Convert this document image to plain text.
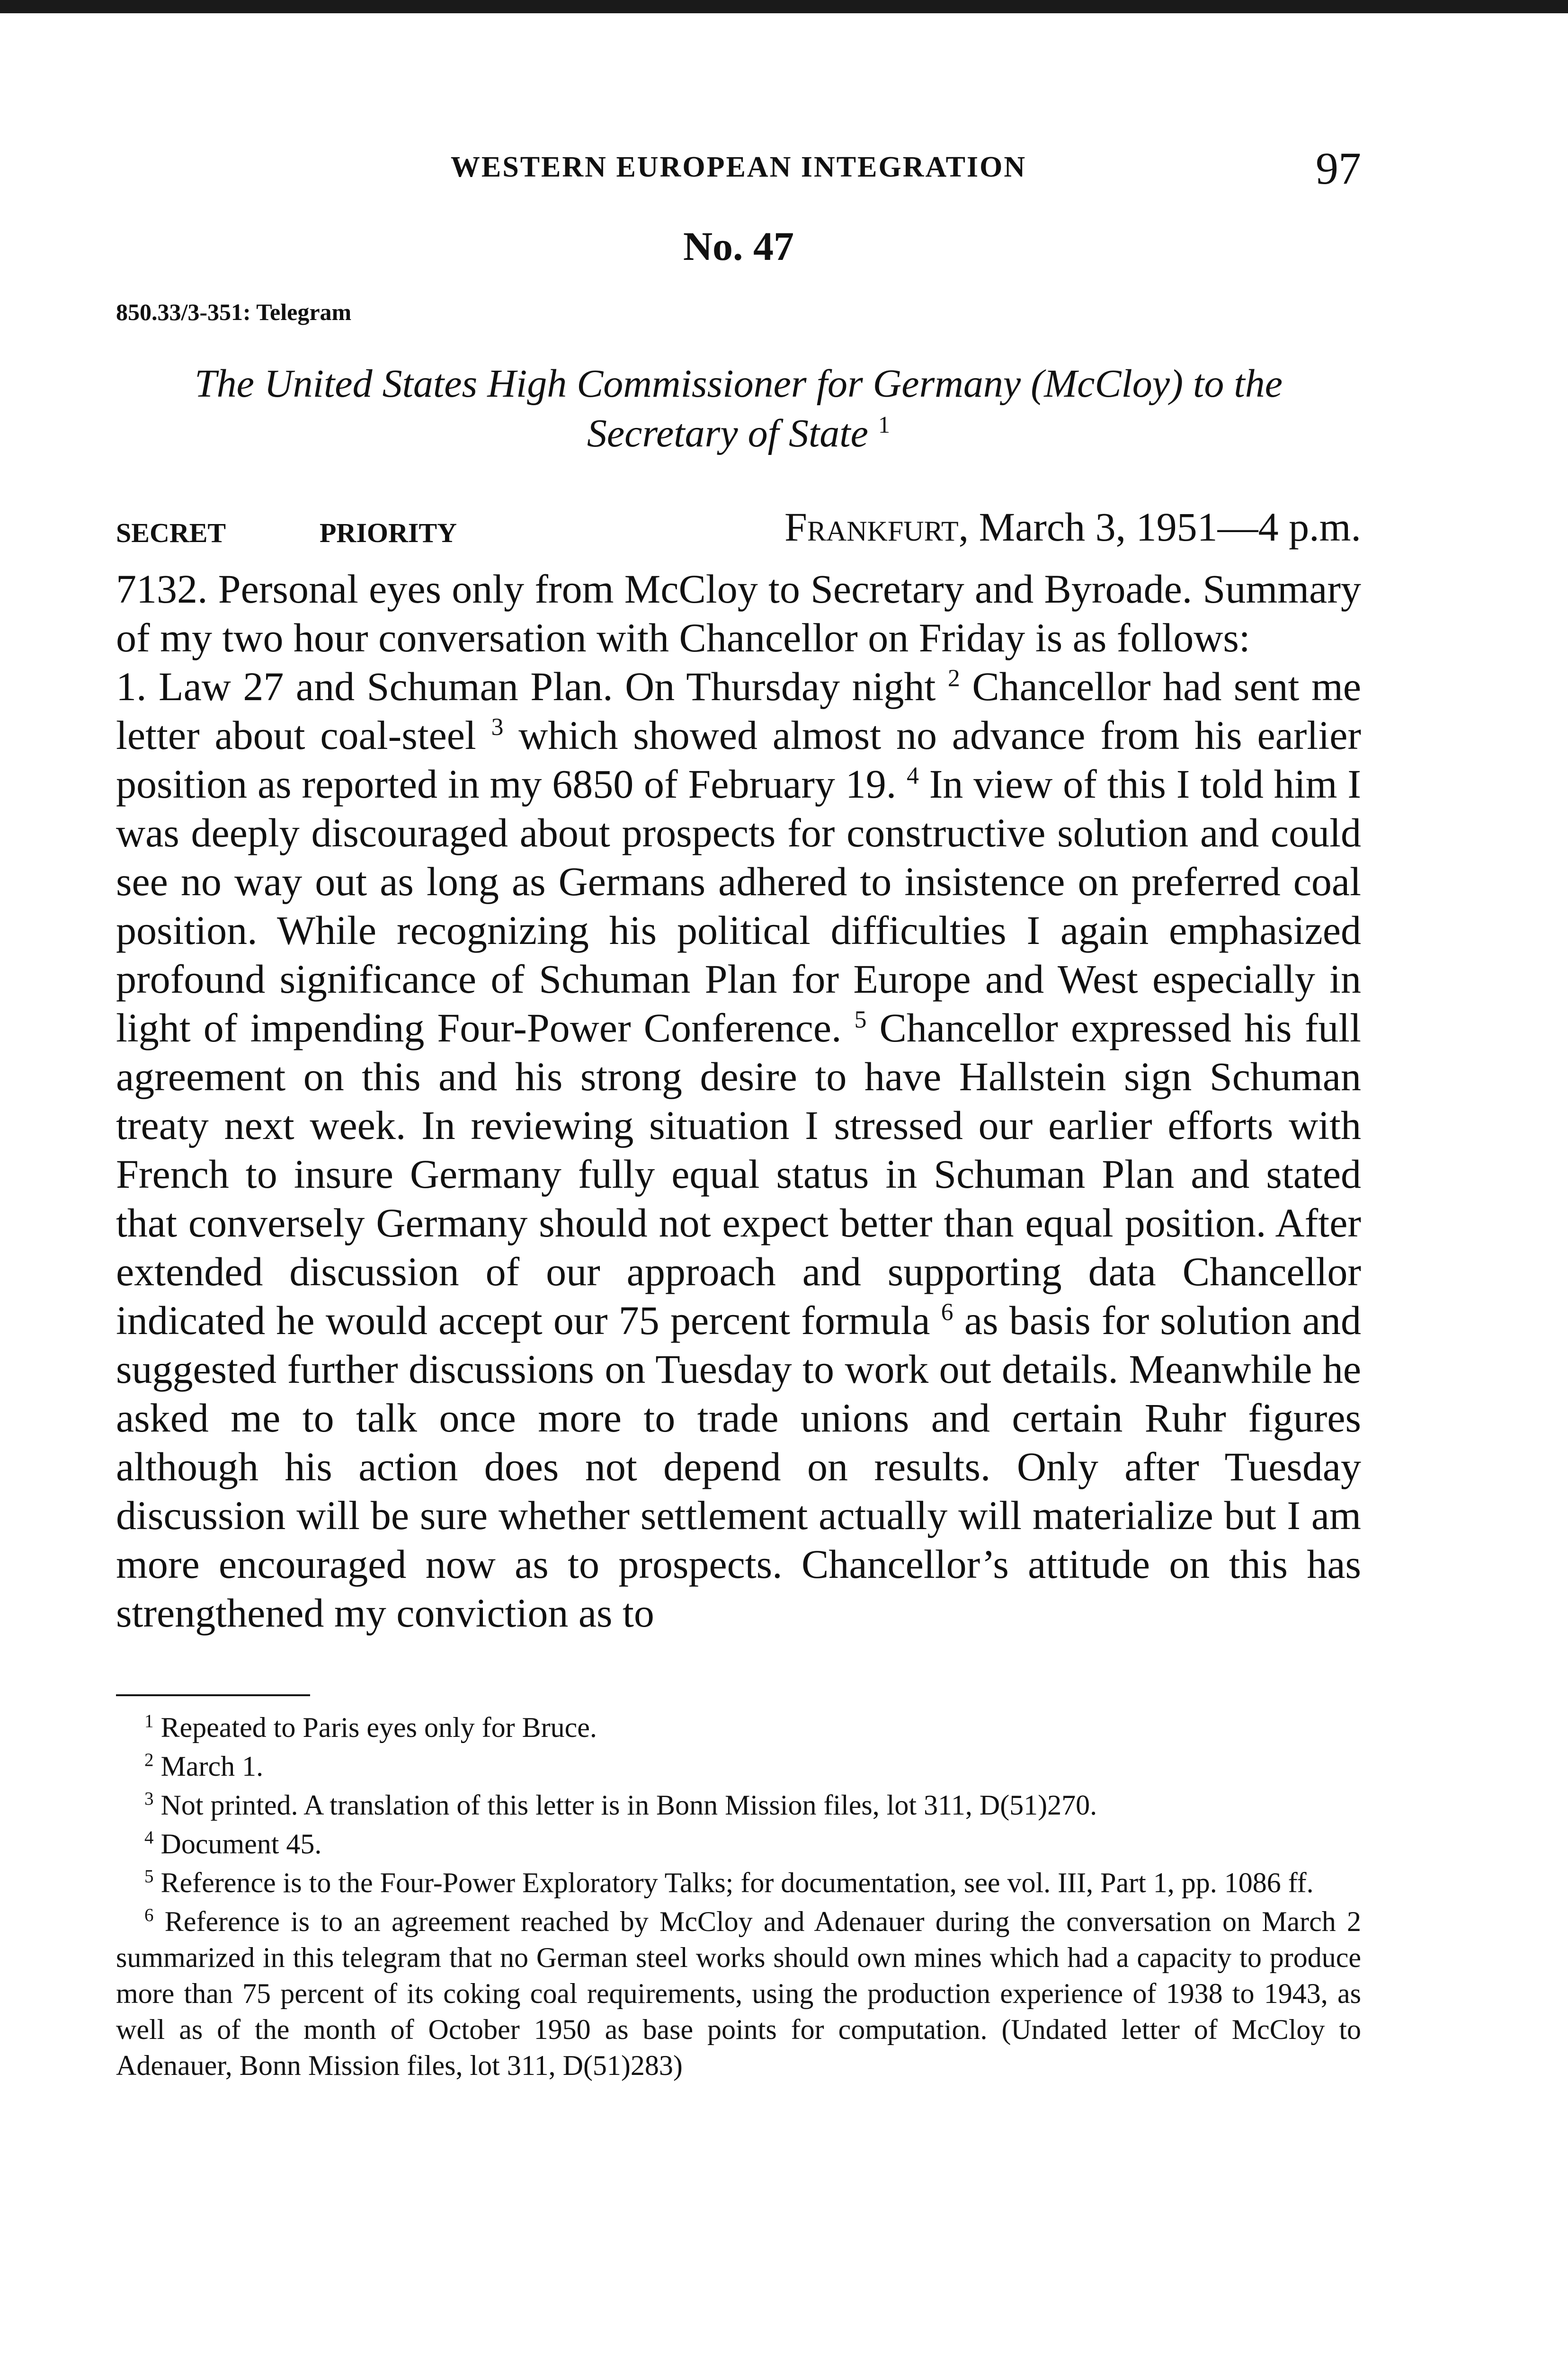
WESTERN EUROPEAN INTEGRATION	97
No. 47
850.33/3-351: Telegram
The United States High Commissioner for Germany (McCloy) to the Secretary of State $^1$
SECRET	PRIORITY	Frankfurt, March 3, 1951—4 p.m.

7132. Personal eyes only from McCloy to Secretary and Byroade. Summary of my two hour conversation with Chancellor on Friday is as follows:

1. Law 27 and Schuman Plan. On Thursday night $^2$ Chancellor had sent me letter about coal-steel $^3$ which showed almost no advance from his earlier position as reported in my 6850 of February 19. $^4$ In view of this I told him I was deeply discouraged about prospects for constructive solution and could see no way out as long as Germans adhered to insistence on preferred coal position. While recognizing his political difficulties I again emphasized profound significance of Schuman Plan for Europe and West especially in light of impending Four-Power Conference. $^5$ Chancellor expressed his full agreement on this and his strong desire to have Hallstein sign Schuman treaty next week. In reviewing situation I stressed our earlier efforts with French to insure Germany fully equal status in Schuman Plan and stated that conversely Germany should not expect better than equal position. After extended discussion of our approach and supporting data Chancellor indicated he would accept our 75 percent formula $^6$ as basis for solution and suggested further discussions on Tuesday to work out details. Meanwhile he asked me to talk once more to trade unions and certain Ruhr figures although his action does not depend on results. Only after Tuesday discussion will be sure whether settlement actually will materialize but I am more encouraged now as to prospects. Chancellor’s attitude on this has strengthened my conviction as to

$^1$ Repeated to Paris eyes only for Bruce.

$^2$ March 1.

$^3$ Not printed. A translation of this letter is in Bonn Mission files, lot 311, D(51)270.

$^4$ Document 45.

$^5$ Reference is to the Four-Power Exploratory Talks; for documentation, see vol. III, Part 1, pp. 1086 ff.

$^6$ Reference is to an agreement reached by McCloy and Adenauer during the conversation on March 2 summarized in this telegram that no German steel works should own mines which had a capacity to produce more than 75 percent of its coking coal requirements, using the production experience of 1938 to 1943, as well as of the month of October 1950 as base points for computation. (Undated letter of McCloy to Adenauer, Bonn Mission files, lot 311, D(51)283)
